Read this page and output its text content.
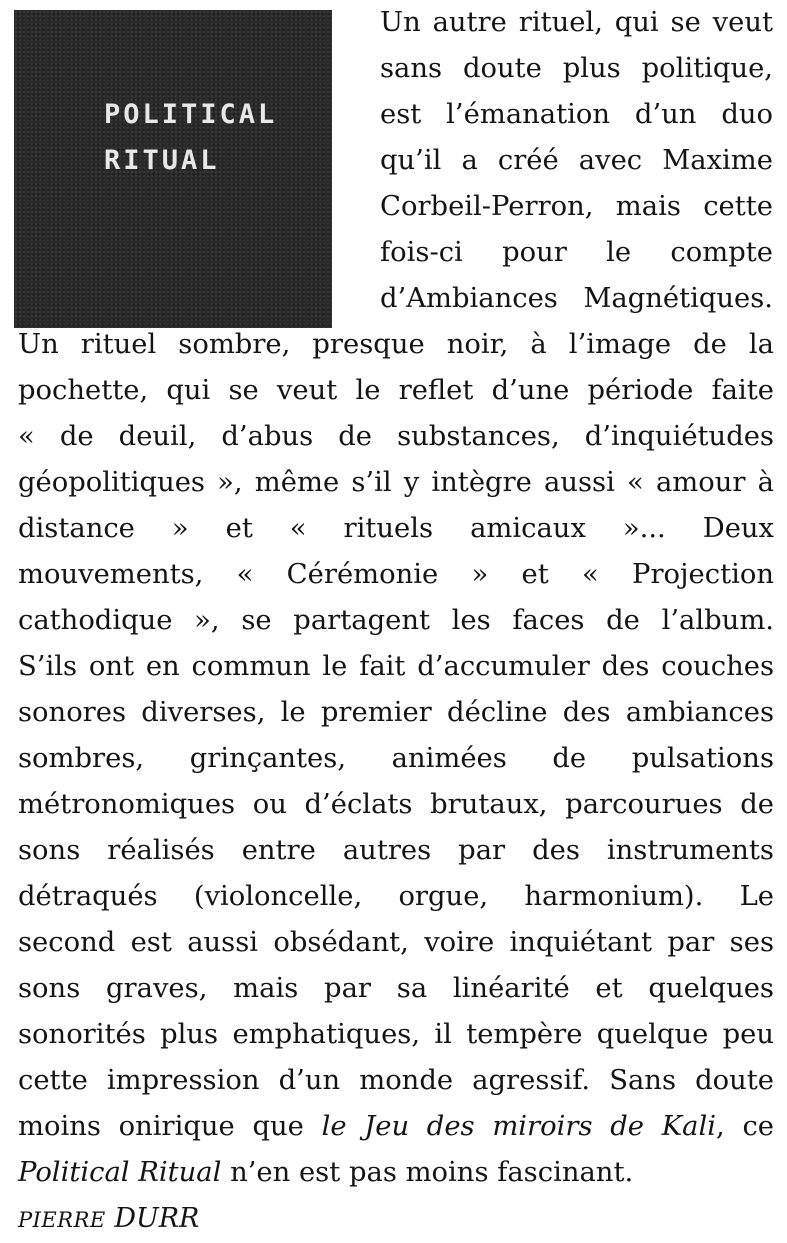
POLITICAL
RITUAL

Un autre rituel, qui se veut

sans doute plus politique,

est l’émanation d’un duo

qu’il a créé avec Maxime

Corbeil-Perron, mais cette

fois-ci pour le compte

d’Ambiances Magnétiques.

Un rituel sombre, presque noir, à l’image de la

pochette, qui se veut le reflet d’une période faite

« de deuil, d’abus de substances, d’inquiétudes

géopolitiques », même s’il y intègre aussi « amour à

distance » et « rituels amicaux »... Deux

mouvements, « Cérémonie » et « Projection

cathodique », se partagent les faces de l’album.

S’ils ont en commun le fait d’accumuler des couches

sonores diverses, le premier décline des ambiances

sombres, grinçantes, animées de pulsations

métronomiques ou d’éclats brutaux, parcourues de

sons réalisés entre autres par des instruments

détraqués (violoncelle, orgue, harmonium). Le

second est aussi obsédant, voire inquiétant par ses

sons graves, mais par sa linéarité et quelques

sonorités plus emphatiques, il tempère quelque peu

cette impression d’un monde agressif. Sans doute

moins onirique que le Jeu des miroirs de Kali, ce

Political Ritual n’en est pas moins fascinant.

PIERRE DURR
